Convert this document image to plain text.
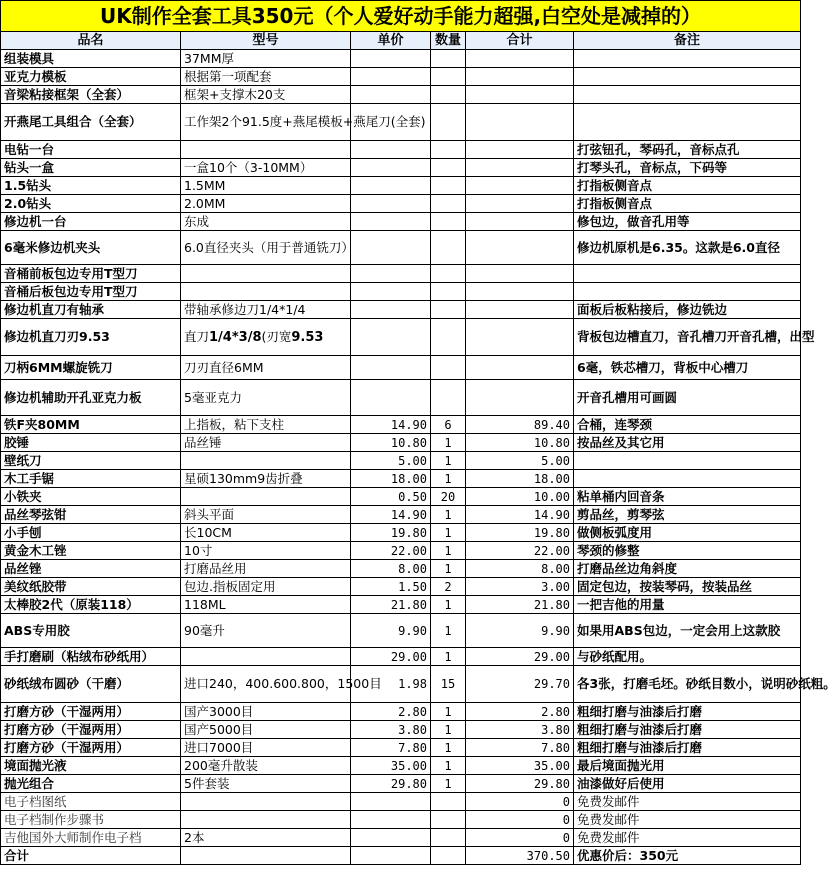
UK制作全套工具350元（个人爱好动手能力超强,白空处是减掉的）					
品名	型号	单价	数量	合计	备注
组装模具	37MM厚				
亚克力模板	根据第一项配套				
音梁粘接框架（全套）	框架+支撑木20支				
开燕尾工具组合（全套）	工作架2个91.5度+燕尾模板+燕尾刀(全套)				
电钻一台					打弦钮孔，琴码孔，音标点孔
钻头一盒	一盒10个（3-10MM）				打琴头孔，音标点，下码等
1.5钻头	1.5MM				打指板侧音点
2.0钻头	2.0MM				打指板侧音点
修边机一台	东成				修包边，做音孔用等
6毫米修边机夹头	6.0直径夹头（用于普通铣刀）				修边机原机是6.35。这款是6.0直径
音桶前板包边专用T型刀					
音桶后板包边专用T型刀					
修边机直刀有轴承	带轴承修边刀1/4*1/4				面板后板粘接后，修边铣边
修边机直刀刃9.53	直刀1/4*3/8(刃宽9.53				背板包边槽直刀，音孔槽刀开音孔槽，出型
刀柄6MM螺旋铣刀	刀刃直径6MM				6毫，铁芯槽刀，背板中心槽刀
修边机辅助开孔亚克力板	5毫亚克力				开音孔槽用可画圆
铁F夹80MM	上指板，粘下支柱	14.90	6	89.40	合桶，连琴颈
胶锤	品丝锤	10.80	1	10.80	按品丝及其它用
壁纸刀		5.00	1	5.00	
木工手锯	星硕130mm9齿折叠	18.00	1	18.00	
小铁夹		0.50	20	10.00	粘单桶内回音条
品丝琴弦钳	斜头平面	14.90	1	14.90	剪品丝，剪琴弦
小手刨	长10CM	19.80	1	19.80	做侧板弧度用
黄金木工锉	10寸	22.00	1	22.00	琴颈的修整
品丝锉	打磨品丝用	8.00	1	8.00	打磨品丝边角斜度
美纹纸胶带	包边.指板固定用	1.50	2	3.00	固定包边，按装琴码，按装品丝
太棒胶2代（原装118）	118ML	21.80	1	21.80	一把吉他的用量
ABS专用胶	90毫升	9.90	1	9.90	如果用ABS包边，一定会用上这款胶
手打磨刷（粘绒布砂纸用）		29.00	1	29.00	与砂纸配用。
砂纸绒布圆砂（干磨）	进口240，400.600.800，1500目	1.98	15	29.70	各3张，打磨毛坯。砂纸目数小，说明砂纸粗。
打磨方砂（干湿两用）	国产3000目	2.80	1	2.80	粗细打磨与油漆后打磨
打磨方砂（干湿两用）	国产5000目	3.80	1	3.80	粗细打磨与油漆后打磨
打磨方砂（干湿两用）	进口7000目	7.80	1	7.80	粗细打磨与油漆后打磨
境面抛光液	200毫升散装	35.00	1	35.00	最后境面抛光用
抛光组合	5件套装	29.80	1	29.80	油漆做好后使用
电子档图纸				0	免费发邮件
电子档制作步骤书				0	免费发邮件
吉他国外大师制作电子档	2本			0	免费发邮件
合计				370.50	优惠价后：350元
